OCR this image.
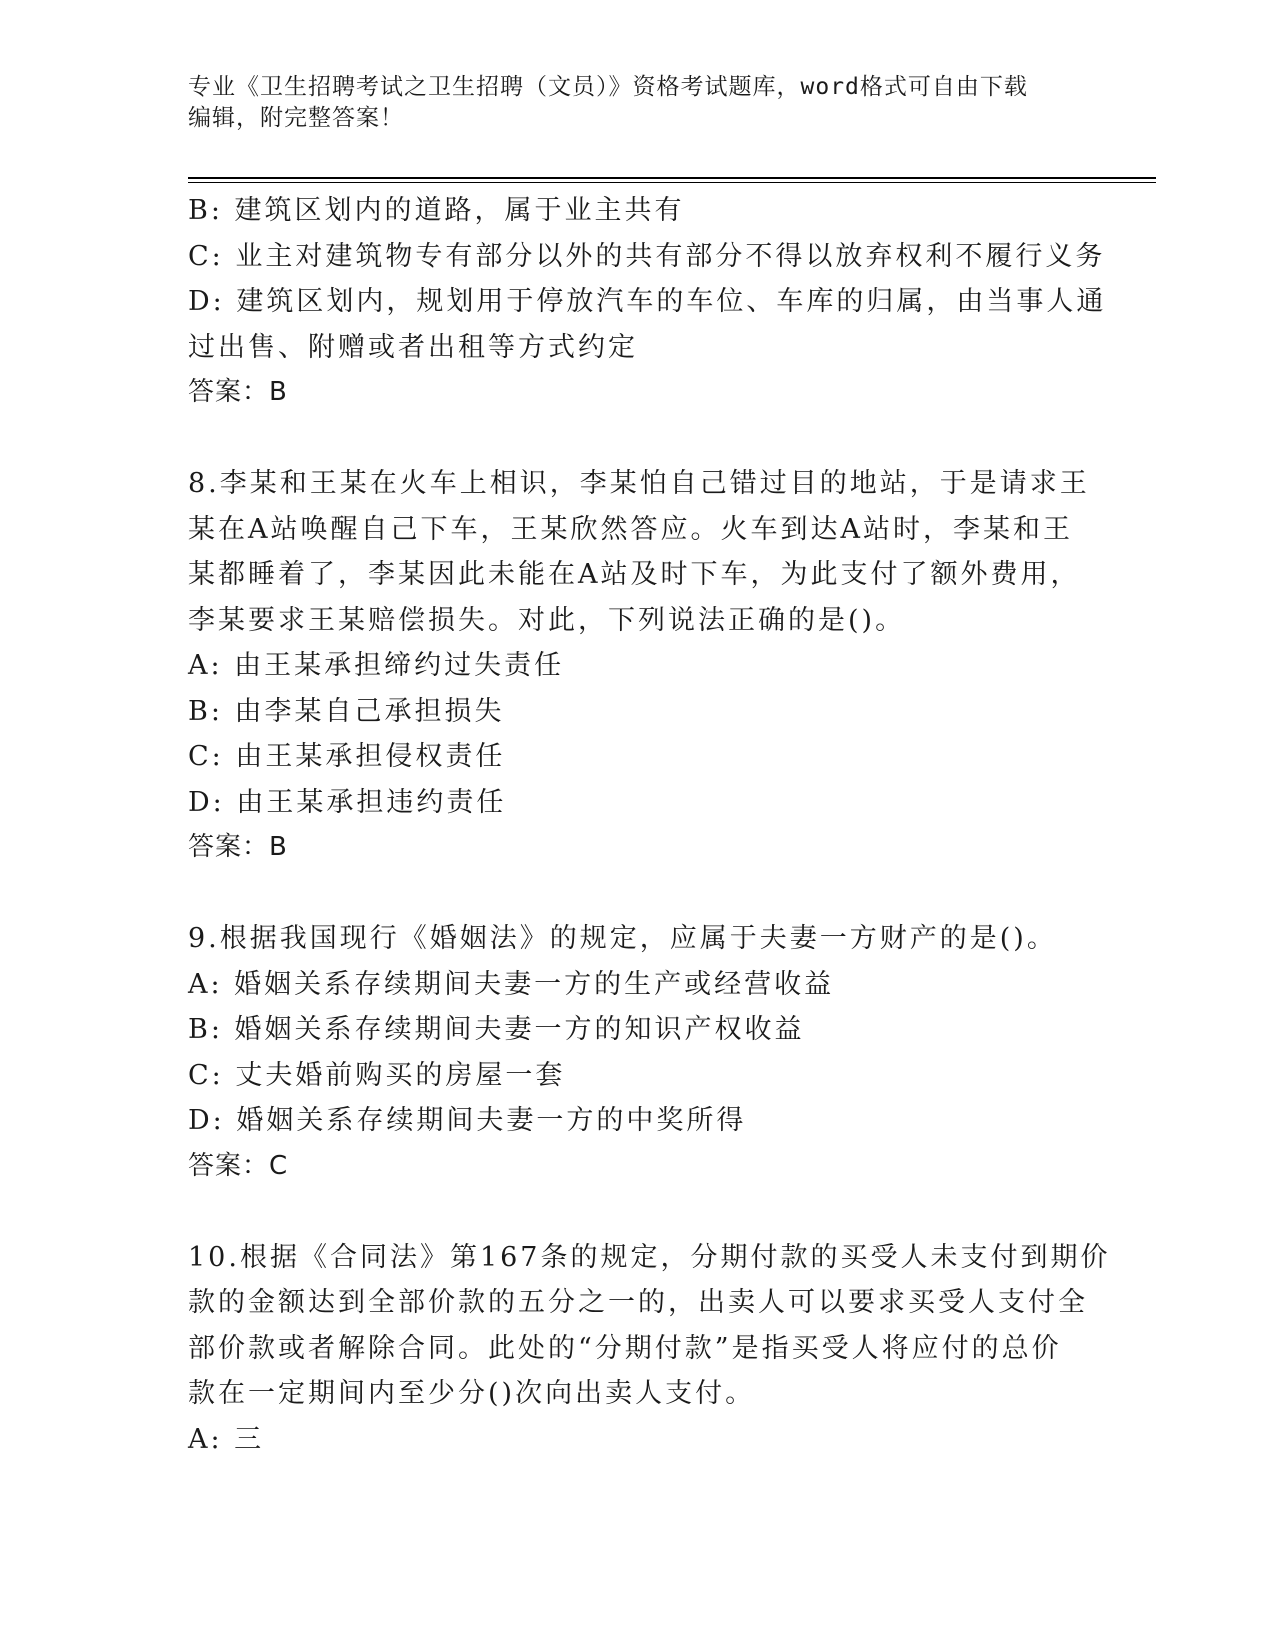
专业《卫生招聘考试之卫生招聘（文员）》资格考试题库，word格式可自由下载
编辑，附完整答案！
B: 建筑区划内的道路，属于业主共有
C: 业主对建筑物专有部分以外的共有部分不得以放弃权利不履行义务
D: 建筑区划内，规划用于停放汽车的车位、车库的归属，由当事人通
过出售、附赠或者出租等方式约定
答案：B
8.李某和王某在火车上相识，李某怕自己错过目的地站，于是请求王
某在A站唤醒自己下车，王某欣然答应。火车到达A站时，李某和王
某都睡着了，李某因此未能在A站及时下车，为此支付了额外费用，
李某要求王某赔偿损失。对此，下列说法正确的是()。
A: 由王某承担缔约过失责任
B: 由李某自己承担损失
C: 由王某承担侵权责任
D: 由王某承担违约责任
答案：B
9.根据我国现行《婚姻法》的规定，应属于夫妻一方财产的是()。
A: 婚姻关系存续期间夫妻一方的生产或经营收益
B: 婚姻关系存续期间夫妻一方的知识产权收益
C: 丈夫婚前购买的房屋一套
D: 婚姻关系存续期间夫妻一方的中奖所得
答案：C
10.根据《合同法》第167条的规定，分期付款的买受人未支付到期价
款的金额达到全部价款的五分之一的，出卖人可以要求买受人支付全
部价款或者解除合同。此处的“分期付款”是指买受人将应付的总价
款在一定期间内至少分()次向出卖人支付。
A: 三
